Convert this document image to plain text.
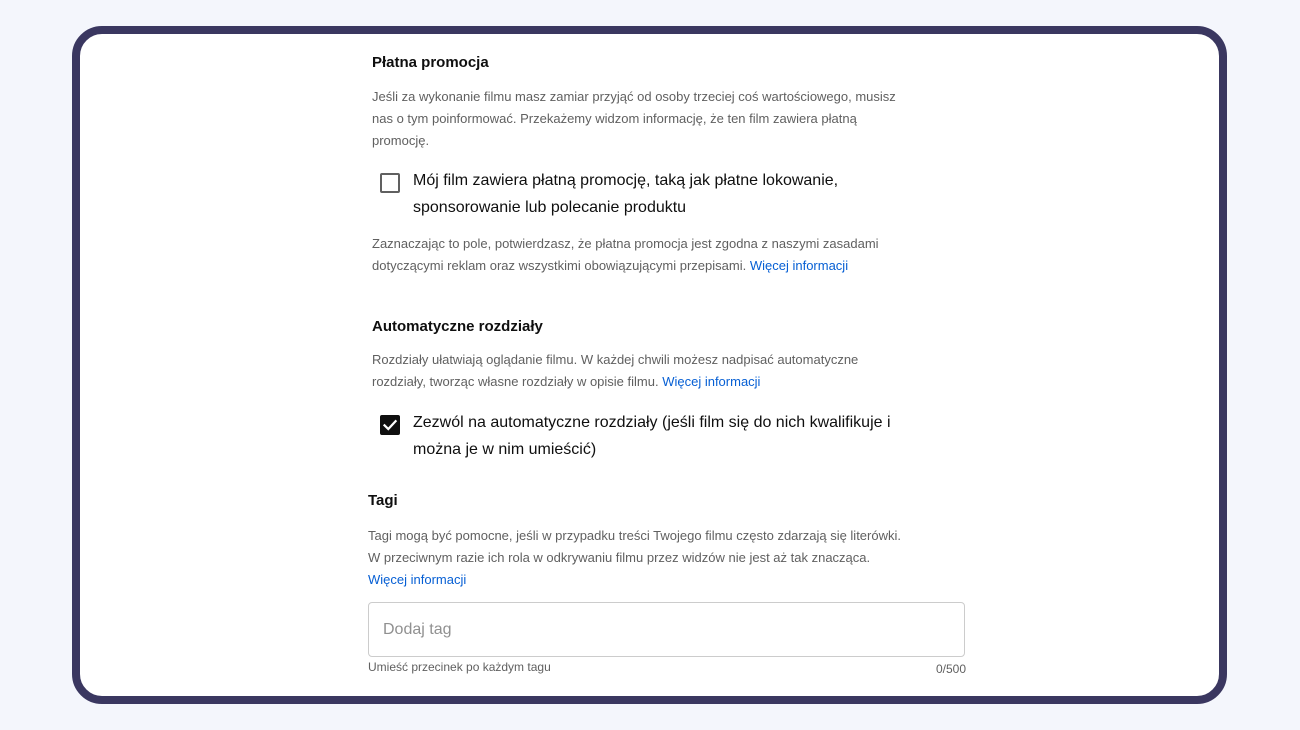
Płatna promocja
Jeśli za wykonanie filmu masz zamiar przyjąć od osoby trzeciej coś wartościowego, musisz
nas o tym poinformować. Przekażemy widzom informację, że ten film zawiera płatną
promocję.
Mój film zawiera płatną promocję, taką jak płatne lokowanie,
sponsorowanie lub polecanie produktu
Zaznaczając to pole, potwierdzasz, że płatna promocja jest zgodna z naszymi zasadami
dotyczącymi reklam oraz wszystkimi obowiązującymi przepisami. Więcej informacji
Automatyczne rozdziały
Rozdziały ułatwiają oglądanie filmu. W każdej chwili możesz nadpisać automatyczne
rozdziały, tworząc własne rozdziały w opisie filmu. Więcej informacji
Zezwól na automatyczne rozdziały (jeśli film się do nich kwalifikuje i
można je w nim umieścić)
Tagi
Tagi mogą być pomocne, jeśli w przypadku treści Twojego filmu często zdarzają się literówki.
W przeciwnym razie ich rola w odkrywaniu filmu przez widzów nie jest aż tak znacząca.
Więcej informacji
Dodaj tag
Umieść przecinek po każdym tagu	0/500
